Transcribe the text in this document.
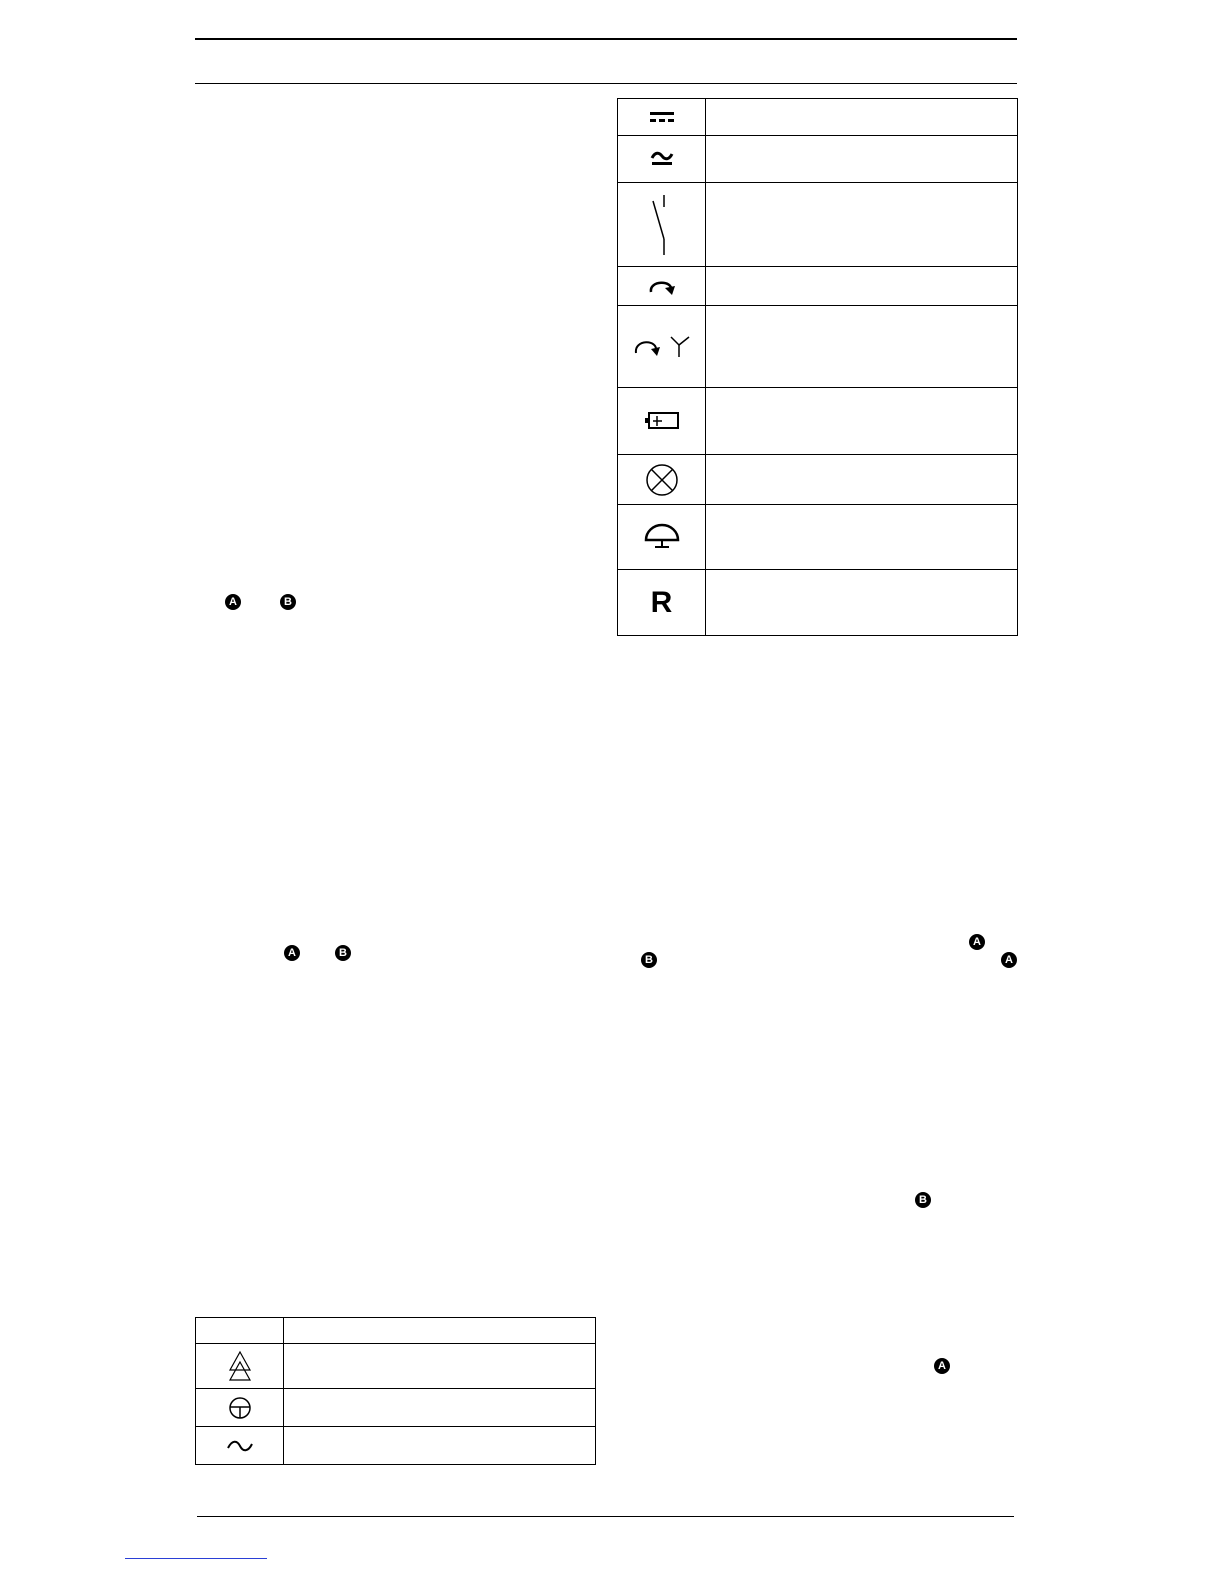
R	

A	B
A	B
A
B	A
B
A
